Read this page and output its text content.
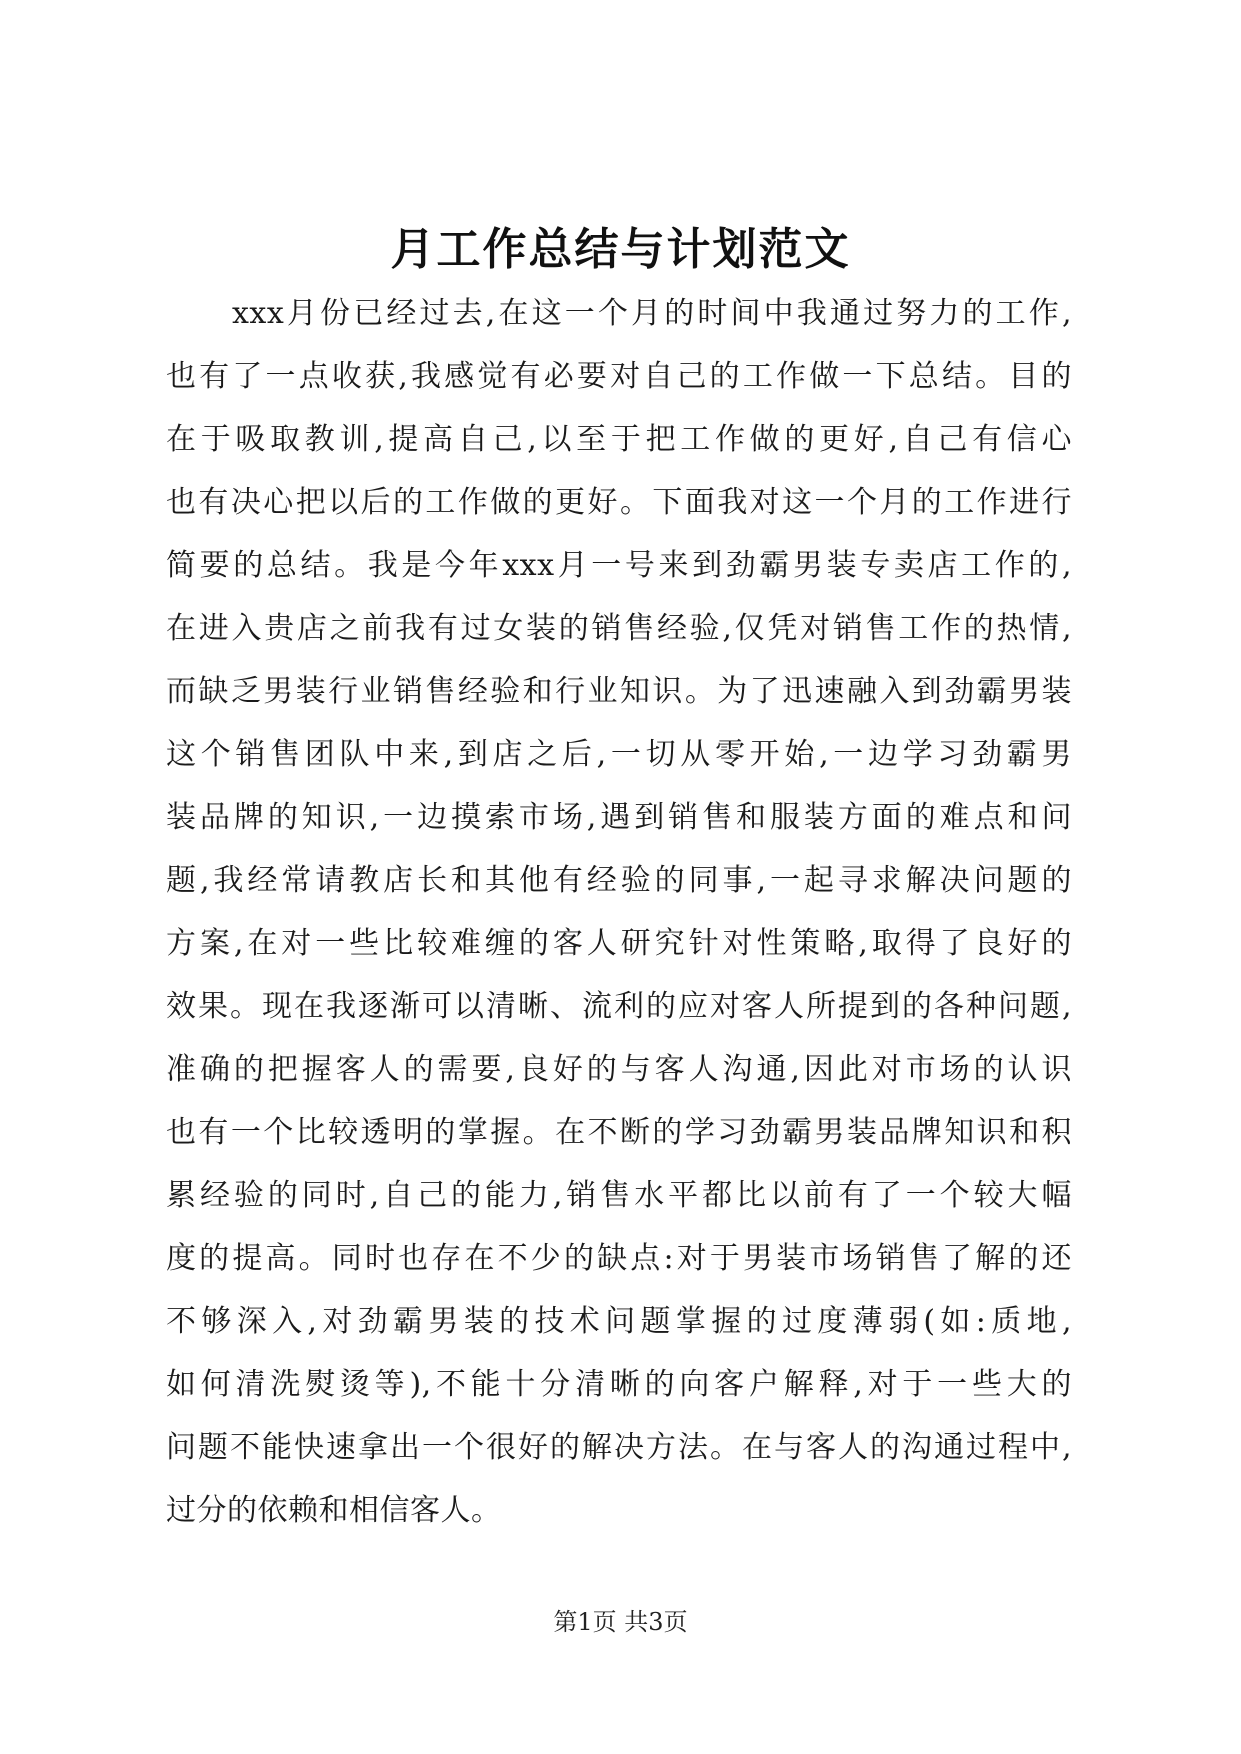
月工作总结与计划范文
xxx月份已经过去,在这一个月的时间中我通过努力的工作,
也有了一点收获,我感觉有必要对自己的工作做一下总结。目的
在于吸取教训,提高自己,以至于把工作做的更好,自己有信心
也有决心把以后的工作做的更好。下面我对这一个月的工作进行
简要的总结。我是今年xxx月一号来到劲霸男装专卖店工作的,
在进入贵店之前我有过女装的销售经验,仅凭对销售工作的热情,
而缺乏男装行业销售经验和行业知识。为了迅速融入到劲霸男装
这个销售团队中来,到店之后,一切从零开始,一边学习劲霸男
装品牌的知识,一边摸索市场,遇到销售和服装方面的难点和问
题,我经常请教店长和其他有经验的同事,一起寻求解决问题的
方案,在对一些比较难缠的客人研究针对性策略,取得了良好的
效果。现在我逐渐可以清晰、流利的应对客人所提到的各种问题,
准确的把握客人的需要,良好的与客人沟通,因此对市场的认识
也有一个比较透明的掌握。在不断的学习劲霸男装品牌知识和积
累经验的同时,自己的能力,销售水平都比以前有了一个较大幅
度的提高。同时也存在不少的缺点:对于男装市场销售了解的还
不够深入,对劲霸男装的技术问题掌握的过度薄弱(如:质地,
如何清洗熨烫等),不能十分清晰的向客户解释,对于一些大的
问题不能快速拿出一个很好的解决方法。在与客人的沟通过程中,
过分的依赖和相信客人。
第1页 共3页
